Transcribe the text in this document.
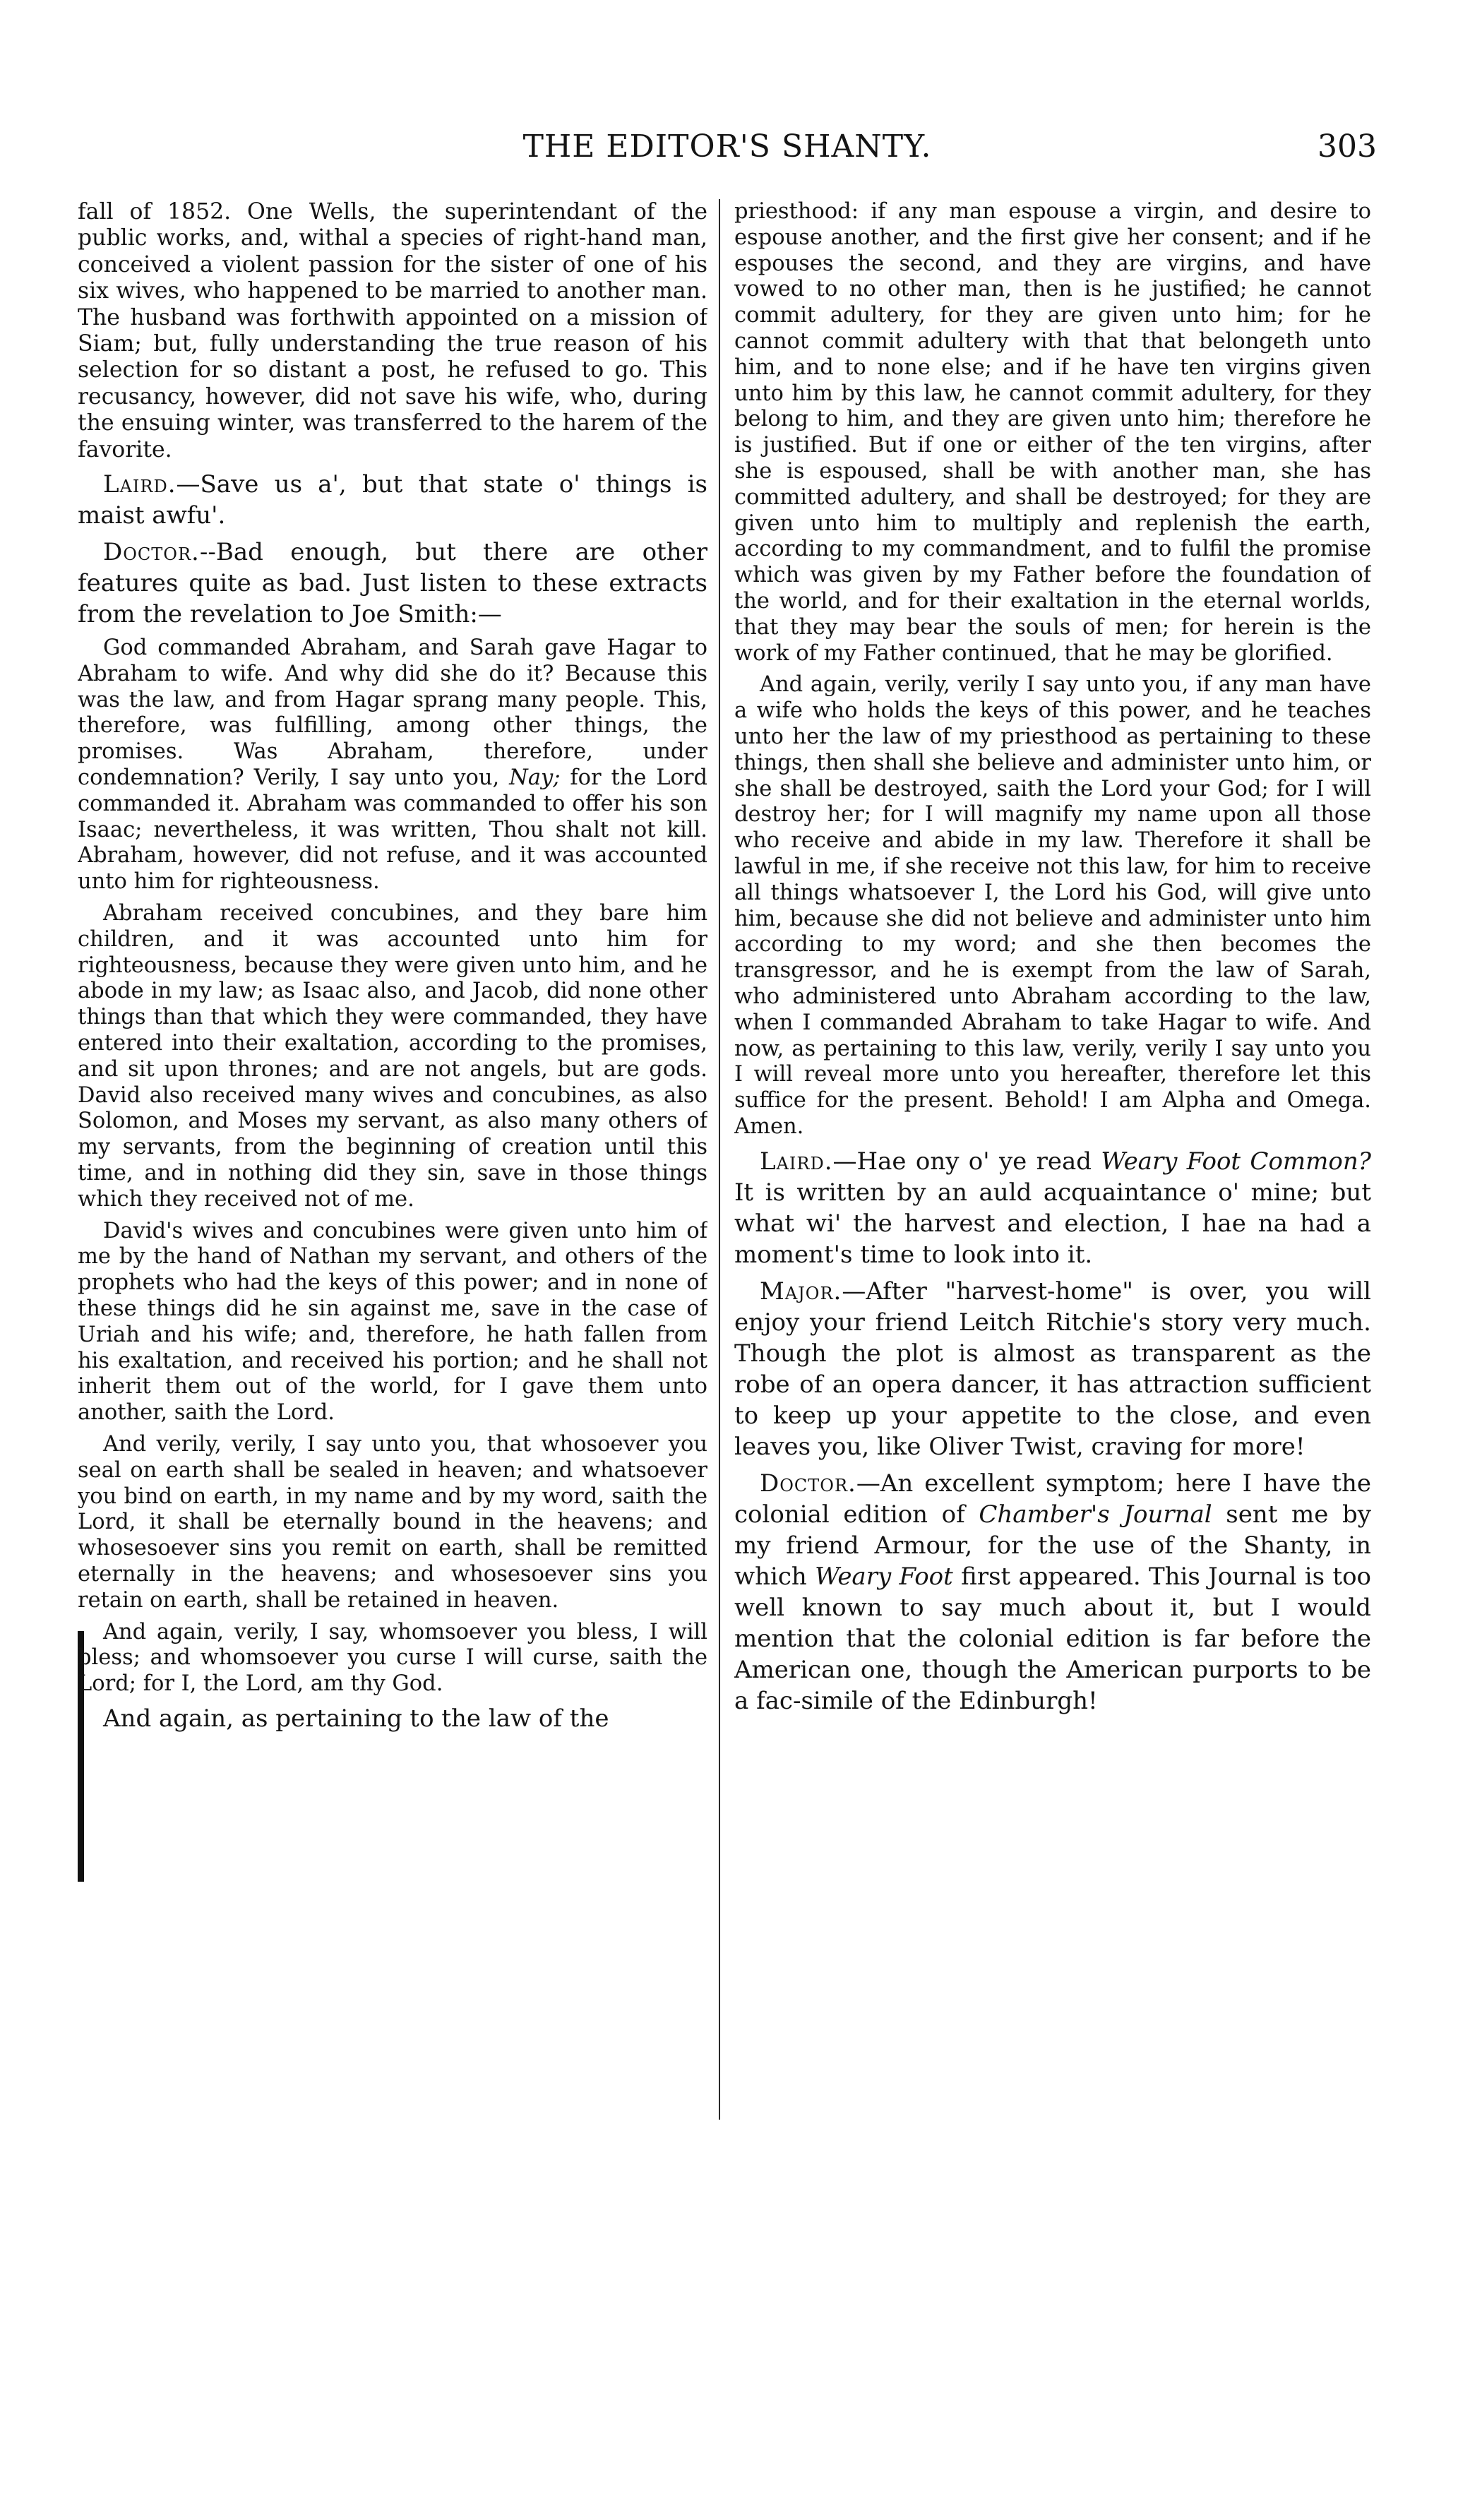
THE EDITOR'S SHANTY.	303

fall of 1852. One Wells, the superintendant of the public works, and, withal a species of right-hand man, conceived a violent passion for the sister of one of his six wives, who happened to be married to another man. The husband was forthwith appointed on a mission of Siam; but, fully understanding the true reason of his selection for so distant a post, he refused to go. This recusancy, however, did not save his wife, who, during the ensuing winter, was transferred to the harem of the favorite.

Laird.—Save us a', but that state o' things is maist awfu'.

Doctor.--Bad enough, but there are other features quite as bad. Just listen to these extracts from the revelation to Joe Smith:—

God commanded Abraham, and Sarah gave Hagar to Abraham to wife. And why did she do it? Because this was the law, and from Hagar sprang many people. This, therefore, was fulfilling, among other things, the promises. Was Abraham, therefore, under condemnation? Verily, I say unto you, Nay; for the Lord commanded it. Abraham was commanded to offer his son Isaac; nevertheless, it was written, Thou shalt not kill. Abraham, however, did not refuse, and it was accounted unto him for righteousness.

Abraham received concubines, and they bare him children, and it was accounted unto him for righteousness, because they were given unto him, and he abode in my law; as Isaac also, and Jacob, did none other things than that which they were commanded, they have entered into their exaltation, according to the promises, and sit upon thrones; and are not angels, but are gods. David also received many wives and concubines, as also Solomon, and Moses my servant, as also many others of my servants, from the beginning of creation until this time, and in nothing did they sin, save in those things which they received not of me.

David's wives and concubines were given unto him of me by the hand of Nathan my servant, and others of the prophets who had the keys of this power; and in none of these things did he sin against me, save in the case of Uriah and his wife; and, therefore, he hath fallen from his exaltation, and received his portion; and he shall not inherit them out of the world, for I gave them unto another, saith the Lord.

And verily, verily, I say unto you, that whosoever you seal on earth shall be sealed in heaven; and whatsoever you bind on earth, in my name and by my word, saith the Lord, it shall be eternally bound in the heavens; and whosesoever sins you remit on earth, shall be remitted eternally in the heavens; and whosesoever sins you retain on earth, shall be retained in heaven.

And again, verily, I say, whomsoever you bless, I will bless; and whomsoever you curse I will curse, saith the Lord; for I, the Lord, am thy God.

And again, as pertaining to the law of the

priesthood: if any man espouse a virgin, and desire to espouse another, and the first give her consent; and if he espouses the second, and they are virgins, and have vowed to no other man, then is he justified; he cannot commit adultery, for they are given unto him; for he cannot commit adultery with that that belongeth unto him, and to none else; and if he have ten virgins given unto him by this law, he cannot commit adultery, for they belong to him, and they are given unto him; therefore he is justified. But if one or either of the ten virgins, after she is espoused, shall be with another man, she has committed adultery, and shall be destroyed; for they are given unto him to multiply and replenish the earth, according to my commandment, and to fulfil the promise which was given by my Father before the foundation of the world, and for their exaltation in the eternal worlds, that they may bear the souls of men; for herein is the work of my Father continued, that he may be glorified.

And again, verily, verily I say unto you, if any man have a wife who holds the keys of this power, and he teaches unto her the law of my priesthood as pertaining to these things, then shall she believe and administer unto him, or she shall be destroyed, saith the Lord your God; for I will destroy her; for I will magnify my name upon all those who receive and abide in my law. Therefore it shall be lawful in me, if she receive not this law, for him to receive all things whatsoever I, the Lord his God, will give unto him, because she did not believe and administer unto him according to my word; and she then becomes the transgressor, and he is exempt from the law of Sarah, who administered unto Abraham according to the law, when I commanded Abraham to take Hagar to wife. And now, as pertaining to this law, verily, verily I say unto you I will reveal more unto you hereafter, therefore let this suffice for the present. Behold! I am Alpha and Omega. Amen.

Laird.—Hae ony o' ye read Weary Foot Common? It is written by an auld acquaintance o' mine; but what wi' the harvest and election, I hae na had a moment's time to look into it.

Major.—After "harvest-home" is over, you will enjoy your friend Leitch Ritchie's story very much. Though the plot is almost as transparent as the robe of an opera dancer, it has attraction sufficient to keep up your appetite to the close, and even leaves you, like Oliver Twist, craving for more!

Doctor.—An excellent symptom; here I have the colonial edition of Chamber's Journal sent me by my friend Armour, for the use of the Shanty, in which Weary Foot first appeared. This Journal is too well known to say much about it, but I would mention that the colonial edition is far before the American one, though the American purports to be a fac-simile of the Edinburgh!
